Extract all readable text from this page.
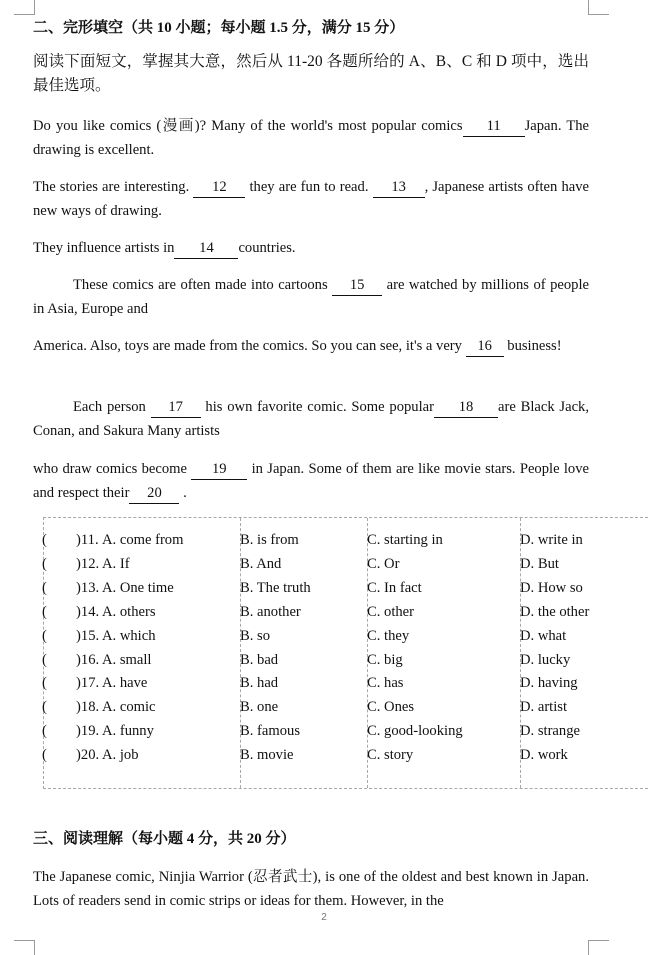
二、完形填空（共 10 小题；每小题 1.5 分，满分 15 分）
阅读下面短文，掌握其大意，然后从 11-20 各题所给的 A、B、C 和 D 项中，选出最佳选项。
Do you like comics (漫画)? Many of the world's most popular comics 11 Japan. The drawing is excellent.
The stories are interesting. 12 they are fun to read. 13 , Japanese artists often have new ways of drawing.
They influence artists in 14 countries.
These comics are often made into cartoons 15 are watched by millions of people in Asia, Europe and
America. Also, toys are made from the comics. So you can see, it's a very 16 business!
Each person 17 his own favorite comic. Some popular 18 are Black Jack, Conan, and Sakura Many artists
who draw comics become 19 in Japan. Some of them are like movie stars. People love and respect their 20 .
(　　)11. A. come from	B. is from	C. starting in	D. write in
(　　)12. A. If	B. And	C. Or	D. But
(　　)13. A. One time	B. The truth	C. In fact	D. How so
(　　)14. A. others	B. another	C. other	D. the other
(　　)15. A. which	B. so	C. they	D. what
(　　)16. A. small	B. bad	C. big	D. lucky
(　　)17. A. have	B. had	C. has	D. having
(　　)18. A. comic	B. one	C. Ones	D. artist
(　　)19. A. funny	B. famous	C. good-looking	D. strange
(　　)20. A. job	B. movie	C. story	D. work
三、阅读理解（每小题 4 分，共 20 分）
The Japanese comic, Ninjia Warrior (忍者武士), is one of the oldest and best known in Japan. Lots of readers send in comic strips or ideas for them. However, in the
2
